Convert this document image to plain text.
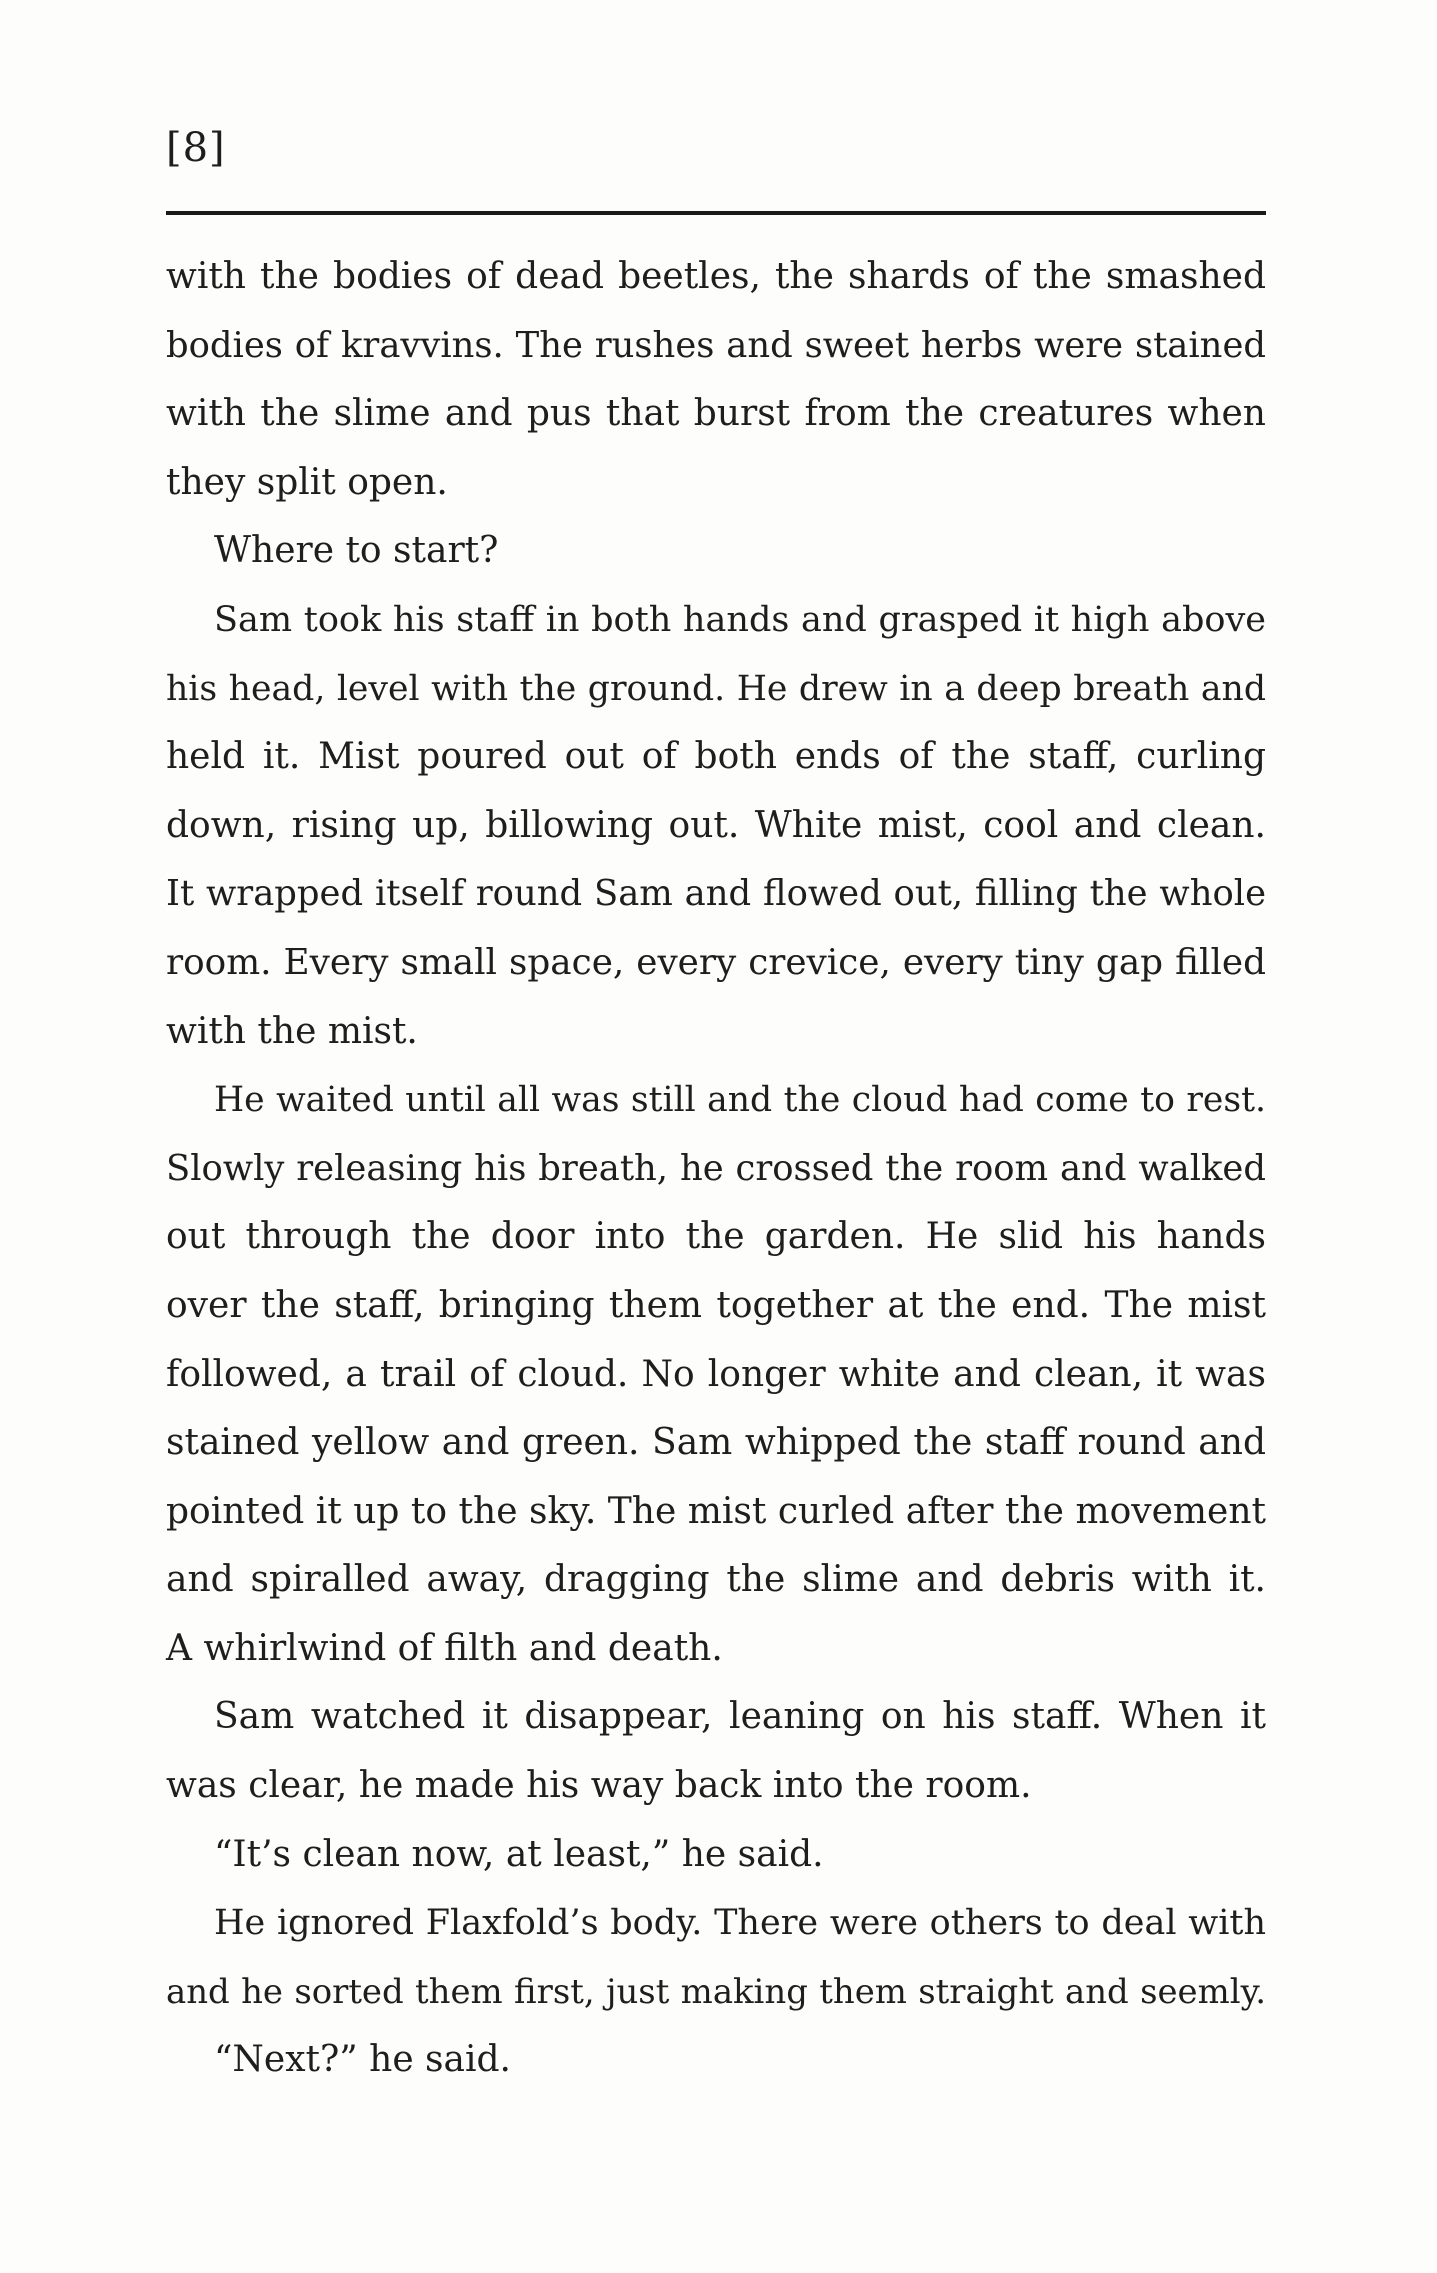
[8]
with the bodies of dead beetles, the shards of the smashed
bodies of kravvins. The rushes and sweet herbs were stained
with the slime and pus that burst from the creatures when
they split open.
Where to start?
Sam took his staff in both hands and grasped it high above
his head, level with the ground. He drew in a deep breath and
held it. Mist poured out of both ends of the staff, curling
down, rising up, billowing out. White mist, cool and clean.
It wrapped itself round Sam and flowed out, filling the whole
room. Every small space, every crevice, every tiny gap filled
with the mist.
He waited until all was still and the cloud had come to rest.
Slowly releasing his breath, he crossed the room and walked
out through the door into the garden. He slid his hands
over the staff, bringing them together at the end. The mist
followed, a trail of cloud. No longer white and clean, it was
stained yellow and green. Sam whipped the staff round and
pointed it up to the sky. The mist curled after the movement
and spiralled away, dragging the slime and debris with it.
A whirlwind of filth and death.
Sam watched it disappear, leaning on his staff. When it
was clear, he made his way back into the room.
“It’s clean now, at least,” he said.
He ignored Flaxfold’s body. There were others to deal with
and he sorted them first, just making them straight and seemly.
“Next?” he said.
